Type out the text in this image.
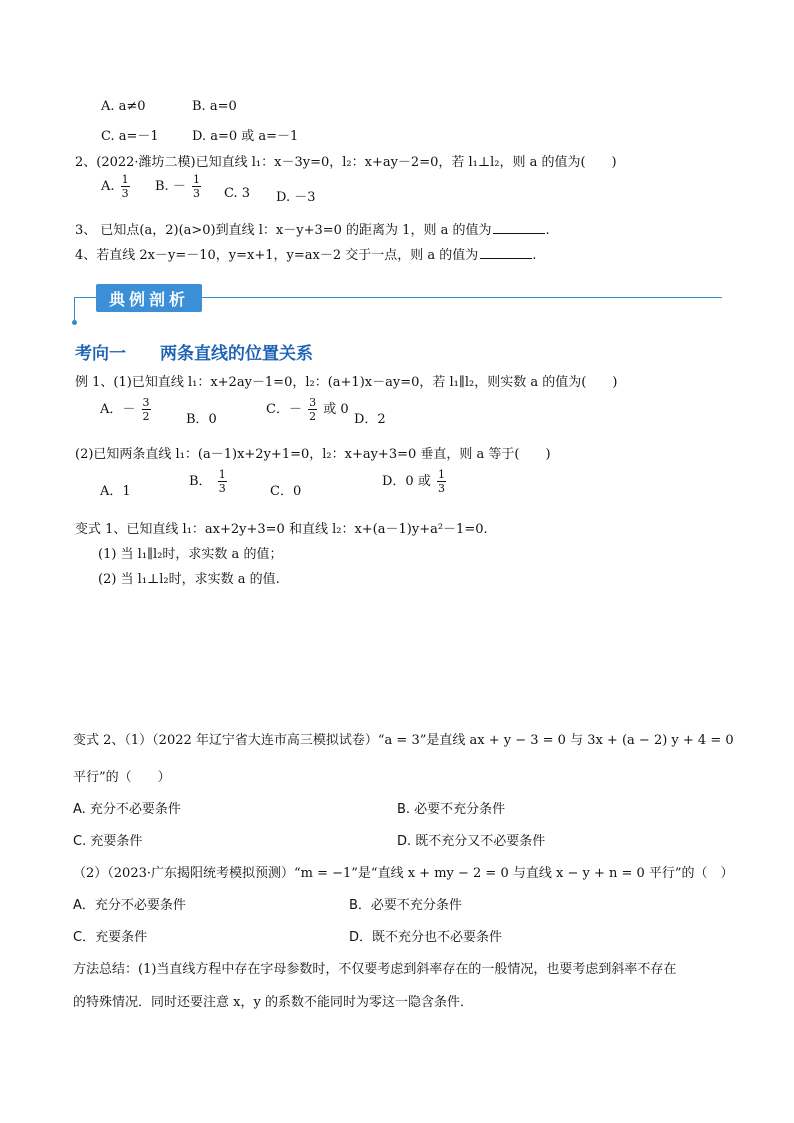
A. a≠0	B. a=0
C. a=－1	D. a=0 或 a=－1
2、(2022·潍坊二模)已知直线 l₁：x－3y=0，l₂：x+ay－2=0，若 l₁⊥l₂，则 a 的值为(　　)
A. $\frac{1}{3} B$. － $\frac{1}{3} C$. 3 D. －3
3、 已知点(a，2)(a>0)到直线 l：x－y+3=0 的距离为 1，则 a 的值为	.
4、若直线 2x－y=－10，y=x+1，y=ax－2 交于一点，则 a 的值为	.
典例剖析
考向一　　两条直线的位置关系
例 1、(1)已知直线 l₁：x+2ay－1=0，l₂：(a+1)x－ay=0，若 l₁∥l₂，则实数 a 的值为(　　)
A．－ $\frac{3}{2}$	B．0
C．－ $\frac{3}{2}$ 或 0
D．2
(2)已知两条直线 l₁：(a－1)x+2y+1=0，l₂：x+ay+3=0 垂直，则 a 等于(　　)
A．1
B． $\frac{1}{3}$	C．0
D．0 或 $\frac{1}{3}$
变式 1、已知直线 l₁：ax+2y+3=0 和直线 l₂：x+(a－1)y+a²－1=0.
(1) 当 l₁∥l₂时，求实数 a 的值；
(2) 当 l₁⊥l₂时，求实数 a 的值.
变式 2、（1）（2022 年辽宁省大连市高三模拟试卷）“a = 3”是直线 ax + y − 3 = 0 与 3x + (a − 2) y + 4 = 0
平行”的（　　）
A. 充分不必要条件	B. 必要不充分条件
C. 充要条件	D. 既不充分又不必要条件
（2）（2023·广东揭阳统考模拟预测）“m = −1”是“直线 x + my − 2 = 0 与直线 x − y + n = 0 平行”的（　）
A．充分不必要条件	B．必要不充分条件
C．充要条件	D．既不充分也不必要条件
方法总结：(1)当直线方程中存在字母参数时，不仅要考虑到斜率存在的一般情况，也要考虑到斜率不存在
的特殊情况．同时还要注意 x，y 的系数不能同时为零这一隐含条件．
